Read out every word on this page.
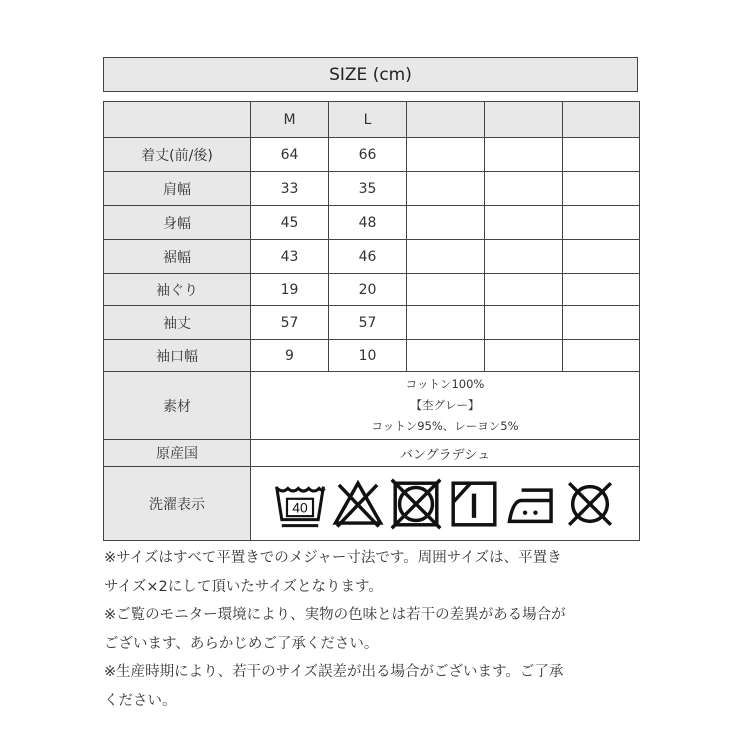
SIZE (cm)
	M	L			
着丈(前/後)	64	66			
肩幅	33	35			
身幅	45	48			
裾幅	43	46			
袖ぐり	19	20			
袖丈	57	57			
袖口幅	9	10			
素材	コットン100%
【杢グレー】
コットン95%、レーヨン5%				

原産国	バングラデシュ				
洗濯表示	40				
※サイズはすべて平置きでのメジャー寸法です。周囲サイズは、平置き
サイズ×2にして頂いたサイズとなります。
※ご覧のモニター環境により、実物の色味とは若干の差異がある場合が
ございます、あらかじめご了承ください。
※生産時期により、若干のサイズ誤差が出る場合がございます。ご了承
ください。
